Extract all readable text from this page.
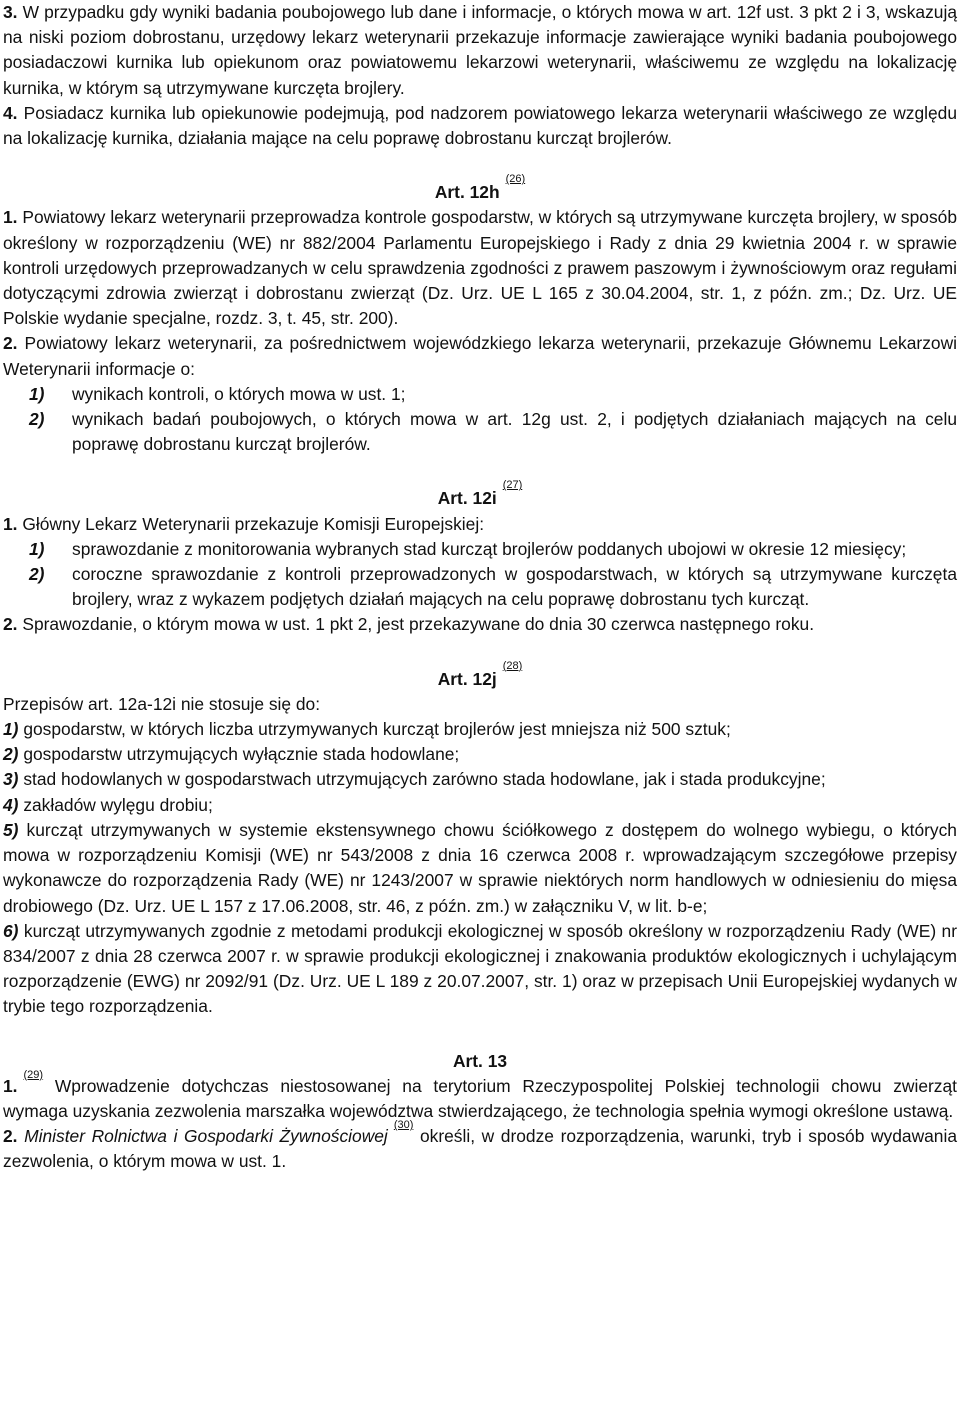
3. W przypadku gdy wyniki badania poubojowego lub dane i informacje, o których mowa w art. 12f ust. 3 pkt 2 i 3, wskazują na niski poziom dobrostanu, urzędowy lekarz weterynarii przekazuje informacje zawierające wyniki badania poubojowego posiadaczowi kurnika lub opiekunom oraz powiatowemu lekarzowi weterynarii, właściwemu ze względu na lokalizację kurnika, w którym są utrzymywane kurczęta brojlery.

4. Posiadacz kurnika lub opiekunowie podejmują, pod nadzorem powiatowego lekarza weterynarii właściwego ze względu na lokalizację kurnika, działania mające na celu poprawę dobrostanu kurcząt brojlerów.

Art. 12h$^{(26)}$

1. Powiatowy lekarz weterynarii przeprowadza kontrole gospodarstw, w których są utrzymywane kurczęta brojlery, w sposób określony w rozporządzeniu (WE) nr 882/2004 Parlamentu Europejskiego i Rady z dnia 29 kwietnia 2004 r. w sprawie kontroli urzędowych przeprowadzanych w celu sprawdzenia zgodności z prawem paszowym i żywnościowym oraz regułami dotyczącymi zdrowia zwierząt i dobrostanu zwierząt (Dz. Urz. UE L 165 z 30.04.2004, str. 1, z późn. zm.; Dz. Urz. UE Polskie wydanie specjalne, rozdz. 3, t. 45, str. 200).

2. Powiatowy lekarz weterynarii, za pośrednictwem wojewódzkiego lekarza weterynarii, przekazuje Głównemu Lekarzowi Weterynarii informacje o:

1) wynikach kontroli, o których mowa w ust. 1;

2) wynikach badań poubojowych, o których mowa w art. 12g ust. 2, i podjętych działaniach mających na celu poprawę dobrostanu kurcząt brojlerów.

Art. 12i$^{(27)}$

1. Główny Lekarz Weterynarii przekazuje Komisji Europejskiej:

1) sprawozdanie z monitorowania wybranych stad kurcząt brojlerów poddanych ubojowi w okresie 12 miesięcy;

2) coroczne sprawozdanie z kontroli przeprowadzonych w gospodarstwach, w których są utrzymywane kurczęta brojlery, wraz z wykazem podjętych działań mających na celu poprawę dobrostanu tych kurcząt.

2. Sprawozdanie, o którym mowa w ust. 1 pkt 2, jest przekazywane do dnia 30 czerwca następnego roku.

Art. 12j$^{(28)}$

Przepisów art. 12a-12i nie stosuje się do:

1) gospodarstw, w których liczba utrzymywanych kurcząt brojlerów jest mniejsza niż 500 sztuk;

2) gospodarstw utrzymujących wyłącznie stada hodowlane;

3) stad hodowlanych w gospodarstwach utrzymujących zarówno stada hodowlane, jak i stada produkcyjne;

4) zakładów wylęgu drobiu;

5) kurcząt utrzymywanych w systemie ekstensywnego chowu ściółkowego z dostępem do wolnego wybiegu, o których mowa w rozporządzeniu Komisji (WE) nr 543/2008 z dnia 16 czerwca 2008 r. wprowadzającym szczegółowe przepisy wykonawcze do rozporządzenia Rady (WE) nr 1243/2007 w sprawie niektórych norm handlowych w odniesieniu do mięsa drobiowego (Dz. Urz. UE L 157 z 17.06.2008, str. 46, z późn. zm.) w załączniku V, w lit. b-e;

6) kurcząt utrzymywanych zgodnie z metodami produkcji ekologicznej w sposób określony w rozporządzeniu Rady (WE) nr 834/2007 z dnia 28 czerwca 2007 r. w sprawie produkcji ekologicznej i znakowania produktów ekologicznych i uchylającym rozporządzenie (EWG) nr 2092/91 (Dz. Urz. UE L 189 z 20.07.2007, str. 1) oraz w przepisach Unii Europejskiej wydanych w trybie tego rozporządzenia.

Art. 13

1.$^{(29)}$ Wprowadzenie dotychczas niestosowanej na terytorium Rzeczypospolitej Polskiej technologii chowu zwierząt wymaga uzyskania zezwolenia marszałka województwa stwierdzającego, że technologia spełnia wymogi określone ustawą.

2. Minister Rolnictwa i Gospodarki Żywnościowej$^{(30)}$ określi, w drodze rozporządzenia, warunki, tryb i sposób wydawania zezwolenia, o którym mowa w ust. 1.
